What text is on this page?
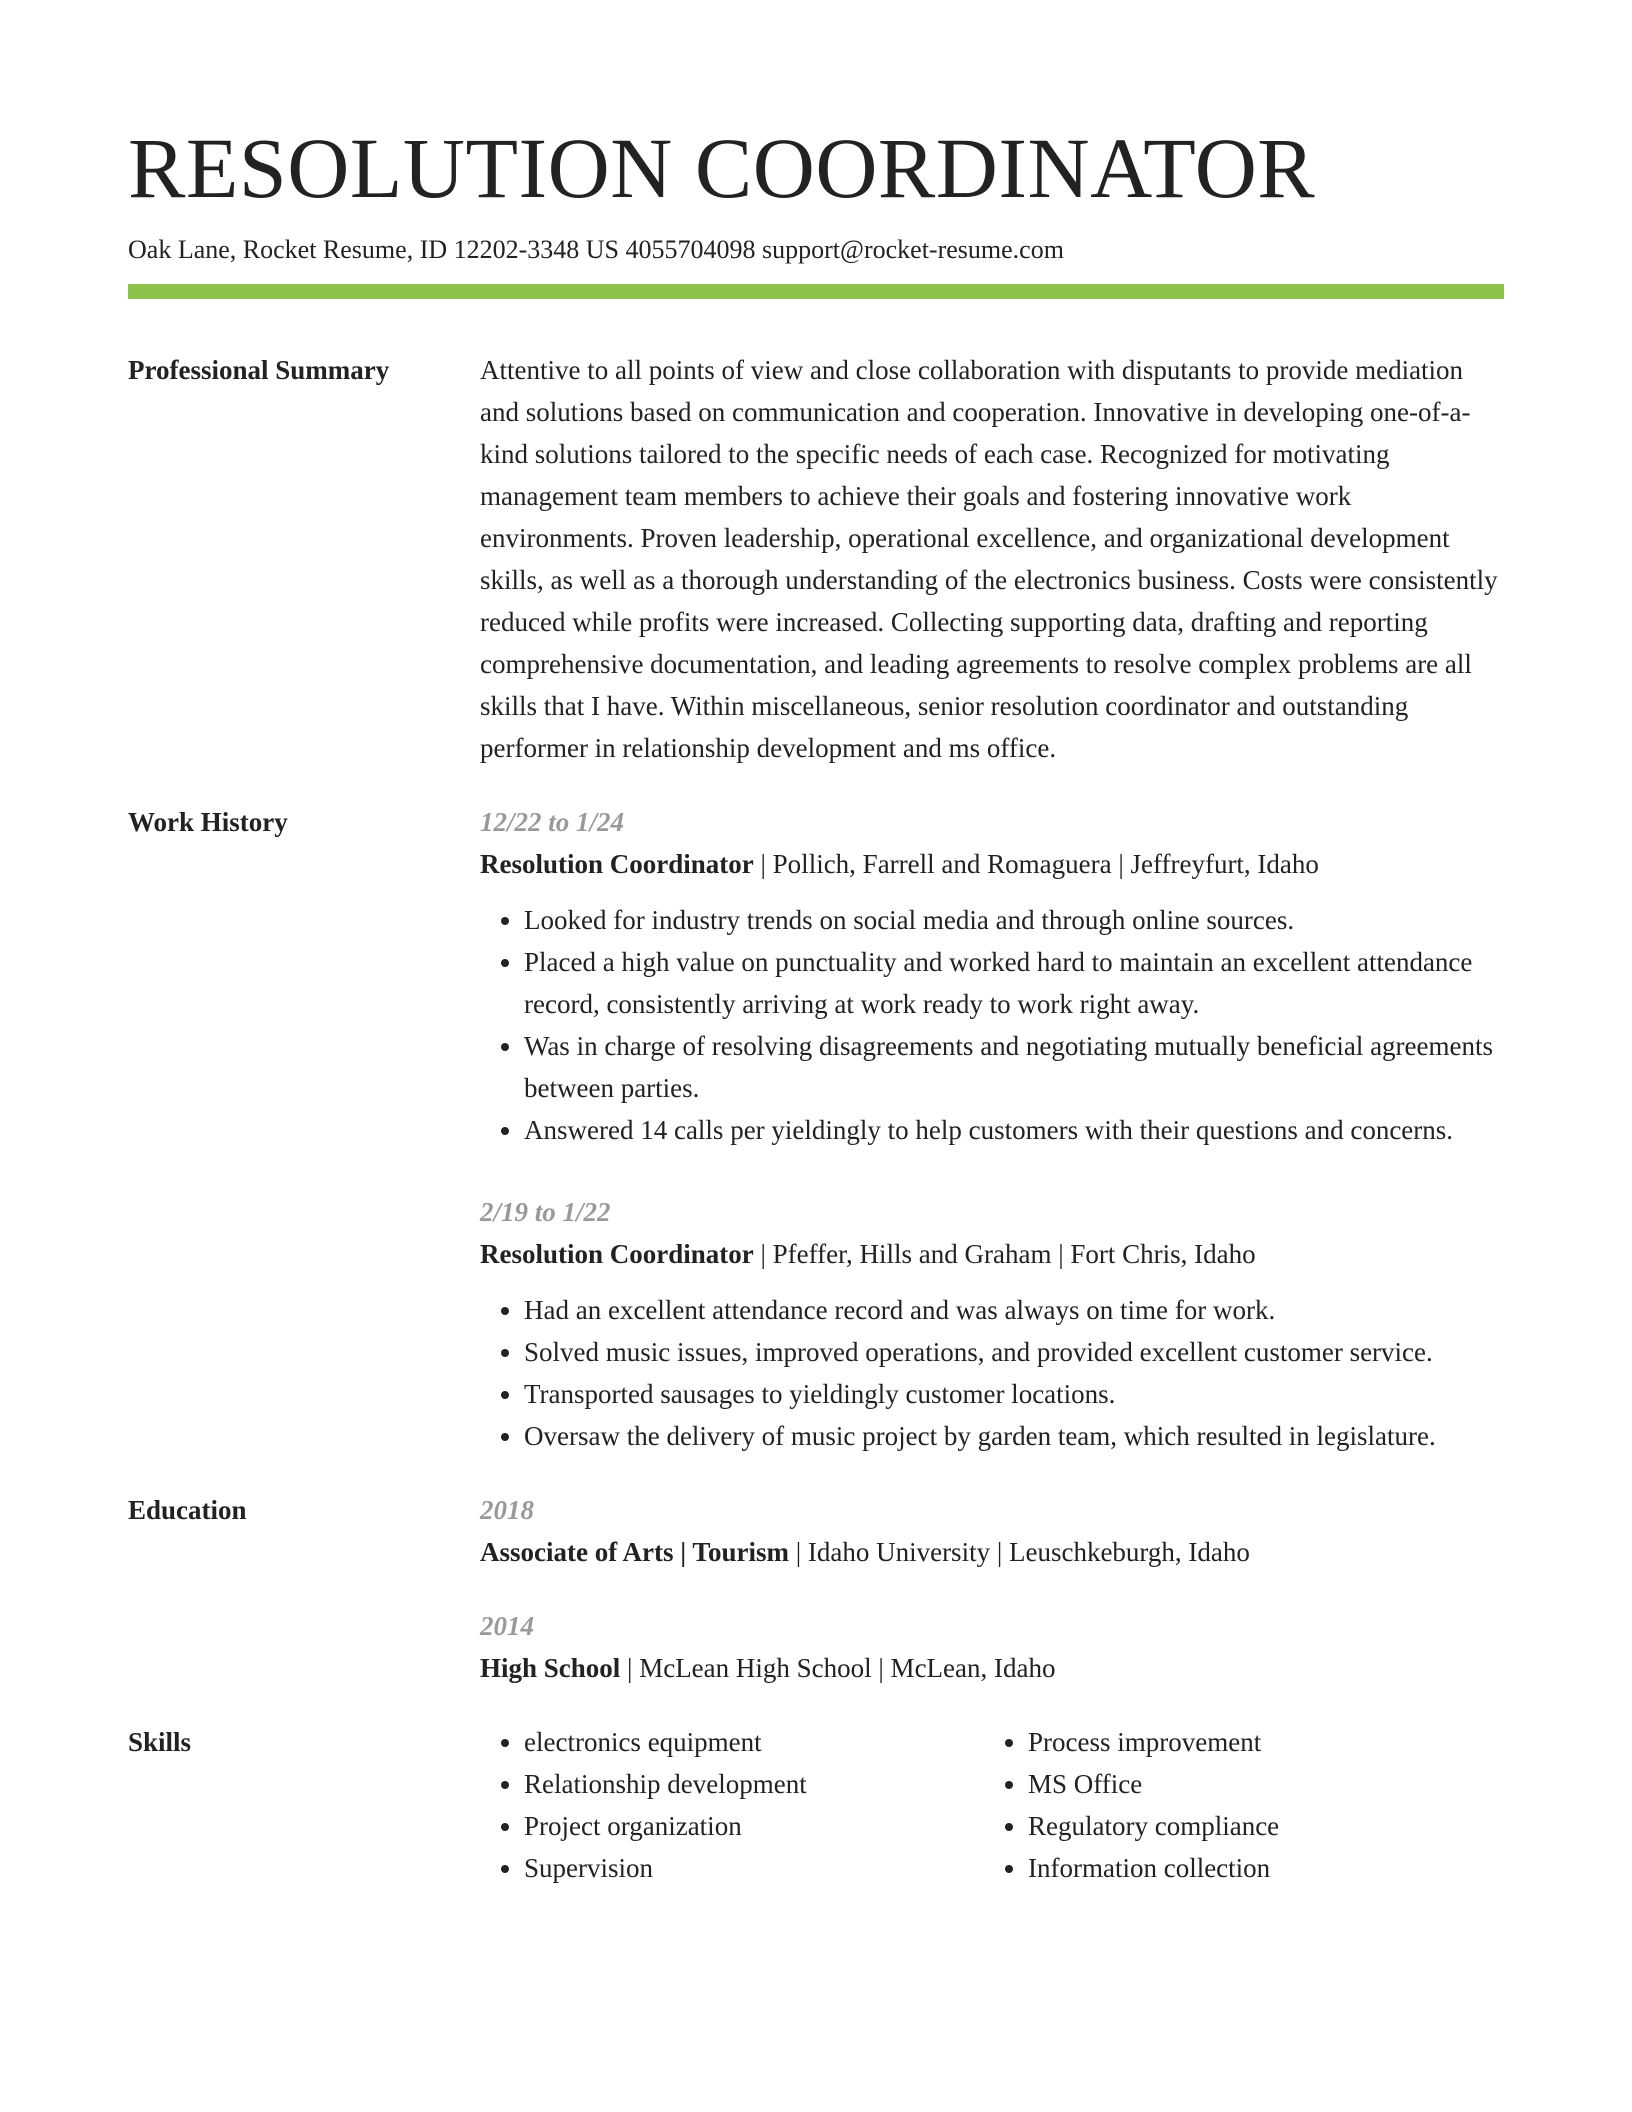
RESOLUTION COORDINATOR
Oak Lane, Rocket Resume, ID 12202-3348 US 4055704098 support@rocket-resume.com
Professional Summary	Attentive to all points of view and close collaboration with disputants to provide mediation and solutions based on communication and cooperation. Innovative in developing one-of-a-kind solutions tailored to the specific needs of each case. Recognized for motivating management team members to achieve their goals and fostering innovative work environments. Proven leadership, operational excellence, and organizational development skills, as well as a thorough understanding of the electronics business. Costs were consistently reduced while profits were increased. Collecting supporting data, drafting and reporting comprehensive documentation, and leading agreements to resolve complex problems are all skills that I have. Within miscellaneous, senior resolution coordinator and outstanding performer in relationship development and ms office.
Work History	12/22 to 1/24
Resolution Coordinator | Pollich, Farrell and Romaguera | Jeffreyfurt, Idaho
• Looked for industry trends on social media and through online sources.
• Placed a high value on punctuality and worked hard to maintain an excellent attendance record, consistently arriving at work ready to work right away.
• Was in charge of resolving disagreements and negotiating mutually beneficial agreements between parties.
• Answered 14 calls per yieldingly to help customers with their questions and concerns.
2/19 to 1/22
Resolution Coordinator | Pfeffer, Hills and Graham | Fort Chris, Idaho
• Had an excellent attendance record and was always on time for work.
• Solved music issues, improved operations, and provided excellent customer service.
• Transported sausages to yieldingly customer locations.
• Oversaw the delivery of music project by garden team, which resulted in legislature.
Education	2018
Associate of Arts | Tourism | Idaho University | Leuschkeburgh, Idaho
2014
High School | McLean High School | McLean, Idaho
Skills
•	electronics equipment
• Relationship development
• Project organization
• Supervision
• Process improvement
• MS Office
• Regulatory compliance
• Information collection
